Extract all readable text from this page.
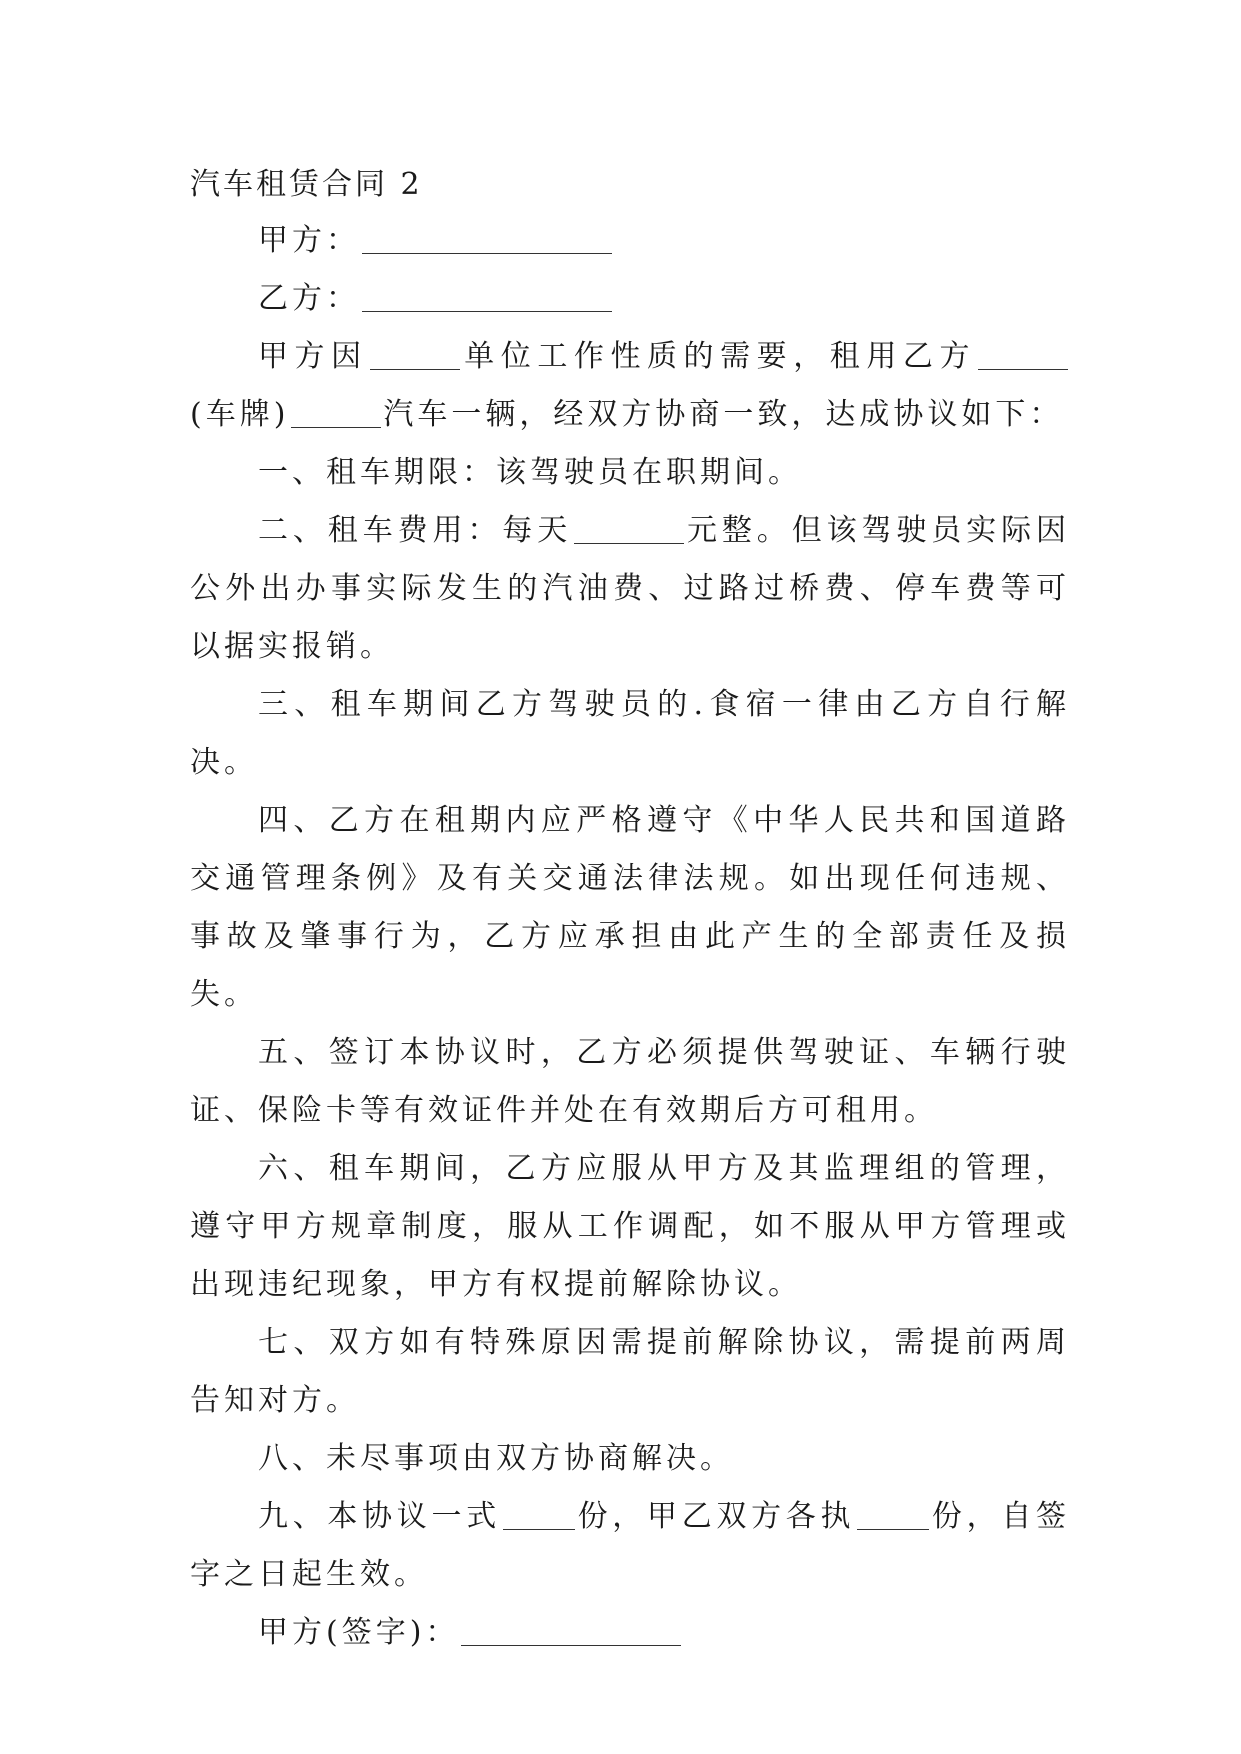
汽车租赁合同 2

甲方：

乙方：

甲方因	单位工作性质的需要，租用乙方(车牌)	汽车一辆，经双方协商一致，达成协议如下：

一、租车期限：该驾驶员在职期间。

二、租车费用：每天	元整。但该驾驶员实际因公外出办事实际发生的汽油费、过路过桥费、停车费等可以据实报销。

三、租车期间乙方驾驶员的.食宿一律由乙方自行解决。

四、乙方在租期内应严格遵守《中华人民共和国道路交通管理条例》及有关交通法律法规。如出现任何违规、事故及肇事行为，乙方应承担由此产生的全部责任及损失。

五、签订本协议时，乙方必须提供驾驶证、车辆行驶证、保险卡等有效证件并处在有效期后方可租用。

六、租车期间，乙方应服从甲方及其监理组的管理，遵守甲方规章制度，服从工作调配，如不服从甲方管理或出现违纪现象，甲方有权提前解除协议。

七、双方如有特殊原因需提前解除协议，需提前两周告知对方。

八、未尽事项由双方协商解决。

九、本协议一式	份，甲乙双方各执	份，自签字之日起生效。

甲方(签字)：
